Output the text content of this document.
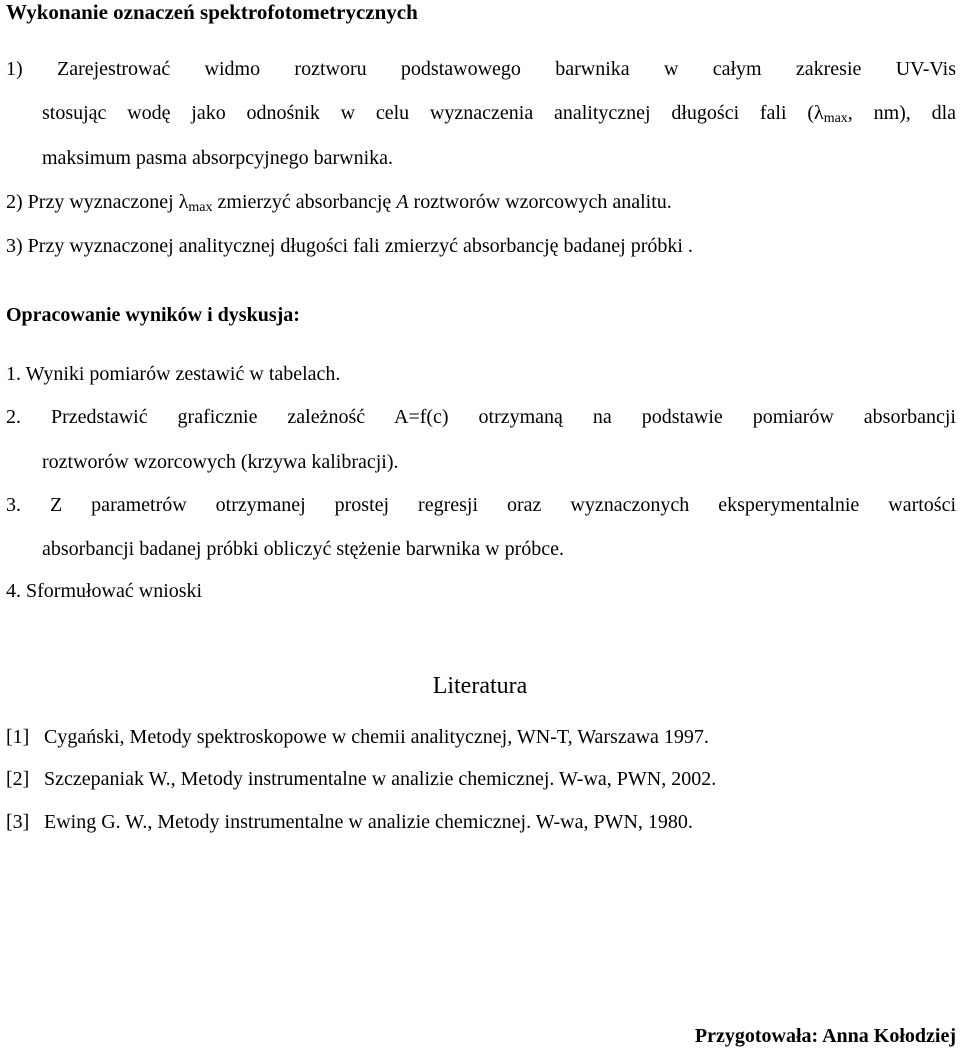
Wykonanie oznaczeń spektrofotometrycznych
1) Zarejestrować widmo roztworu podstawowego barwnika w całym zakresie UV-Vis
stosując wodę jako odnośnik w celu wyznaczenia analitycznej długości fali ($\lambda_{max}$, nm), dla
maksimum pasma absorpcyjnego barwnika.
2) Przy wyznaczonej $\lambda_{max}$ zmierzyć absorbancję A roztworów wzorcowych analitu.
3) Przy wyznaczonej analitycznej długości fali zmierzyć absorbancję badanej próbki .
Opracowanie wyników i dyskusja:
1. Wyniki pomiarów zestawić w tabelach.
2. Przedstawić graficznie zależność A=f(c) otrzymaną na podstawie pomiarów absorbancji
roztworów wzorcowych (krzywa kalibracji).
3. Z parametrów otrzymanej prostej regresji oraz wyznaczonych eksperymentalnie wartości
absorbancji badanej próbki obliczyć stężenie barwnika w próbce.
4. Sformułować wnioski
Literatura
[1] Cygański, Metody spektroskopowe w chemii analitycznej, WN-T, Warszawa 1997.
[2] Szczepaniak W., Metody instrumentalne w analizie chemicznej. W-wa, PWN, 2002.
[3] Ewing G. W., Metody instrumentalne w analizie chemicznej. W-wa, PWN, 1980.
Przygotowała: Anna Kołodziej
